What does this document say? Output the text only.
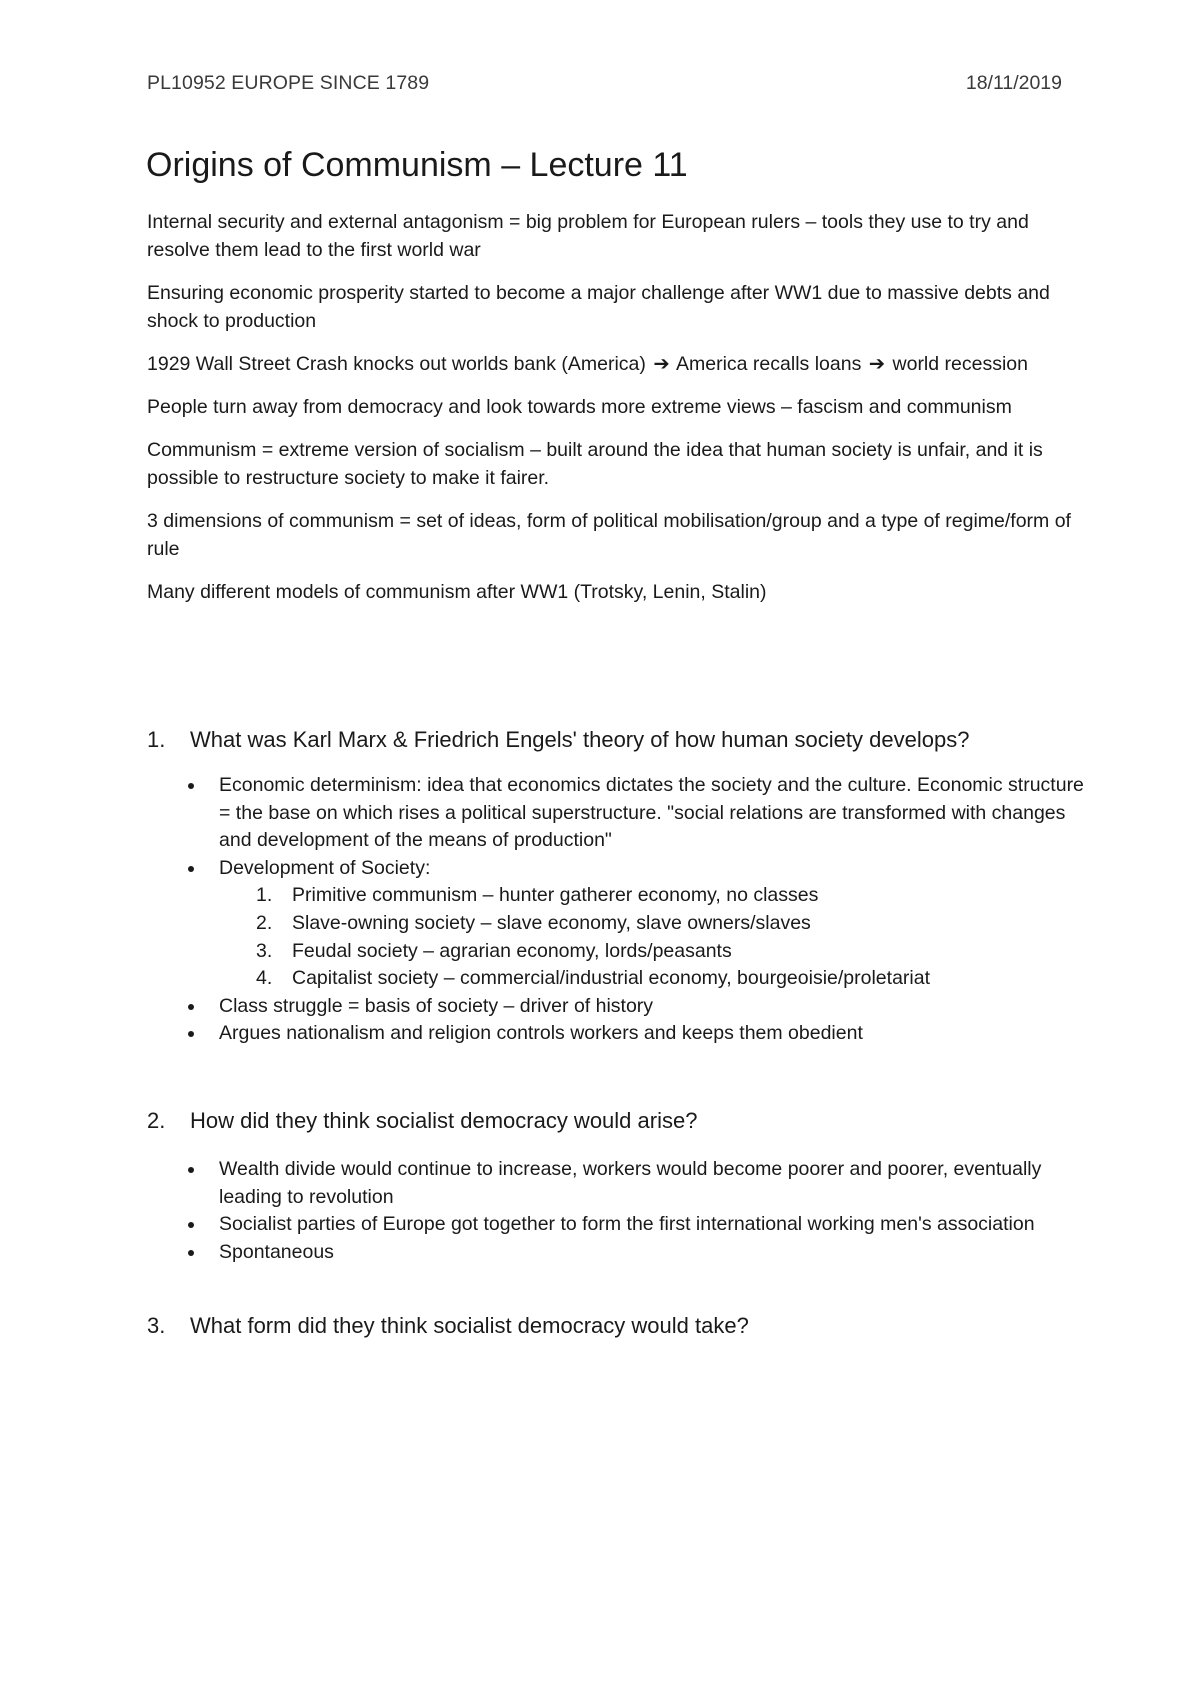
PL10952 EUROPE SINCE 1789	18/11/2019
Origins of Communism – Lecture 11

Internal security and external antagonism = big problem for European rulers – tools they use to try and resolve them lead to the first world war

Ensuring economic prosperity started to become a major challenge after WW1 due to massive debts and shock to production

1929 Wall Street Crash knocks out worlds bank (America) ➔ America recalls loans ➔ world recession

People turn away from democracy and look towards more extreme views – fascism and communism

Communism = extreme version of socialism – built around the idea that human society is unfair, and it is possible to restructure society to make it fairer.

3 dimensions of communism = set of ideas, form of political mobilisation/group and a type of regime/form of rule

Many different models of communism after WW1 (Trotsky, Lenin, Stalin)

1.	What was Karl Marx & Friedrich Engels' theory of how human society develops?
Economic determinism: idea that economics dictates the society and the culture. Economic structure = the base on which rises a political superstructure. "social relations are transformed with changes and development of the means of production"
Development of Society:
1.	Primitive communism – hunter gatherer economy, no classes
2.	Slave-owning society – slave economy, slave owners/slaves
3.	Feudal society – agrarian economy, lords/peasants
4.	Capitalist society – commercial/industrial economy, bourgeoisie/proletariat
Class struggle = basis of society – driver of history
Argues nationalism and religion controls workers and keeps them obedient
2.	How did they think socialist democracy would arise?
Wealth divide would continue to increase, workers would become poorer and poorer, eventually leading to revolution
Socialist parties of Europe got together to form the first international working men's association
Spontaneous
3.	What form did they think socialist democracy would take?
